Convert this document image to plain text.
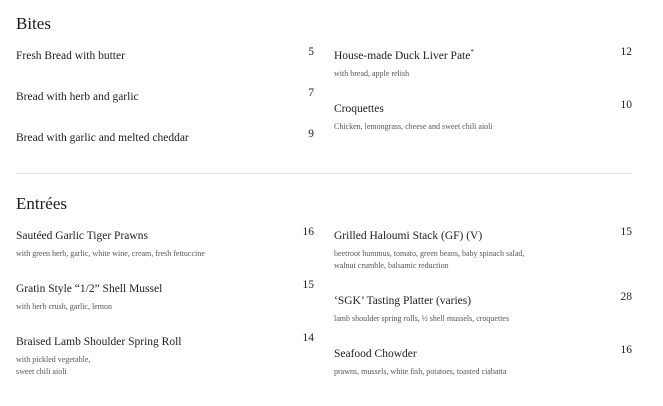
Bites
Fresh Bread with butter	5
Bread with herb and garlic	7
Bread with garlic and melted cheddar	9
House-made Duck Liver Pate*	12
with bread, apple relish
Croquettes	10
Chicken, lemongrass, cheese and sweet chili aioli
Entrées
Sautéed Garlic Tiger Prawns	16
with green herb, garlic, white wine, cream, fresh fettuccine
Gratin Style “1/2” Shell Mussel	15
with herb crush, garlic, lemon
Braised Lamb Shoulder Spring Roll	14
with pickled vegetable,
sweet chili aioli
Grilled Haloumi Stack (GF) (V)	15
beetroot hummus, tomato, green beans, baby spinach salad,
walnut crumble, balsamic reduction
‘SGK’ Tasting Platter (varies)	28
lamb shoulder spring rolls, ½ shell mussels, croquettes
Seafood Chowder	16
prawns, mussels, white fish, potatoes, toasted ciabatta
